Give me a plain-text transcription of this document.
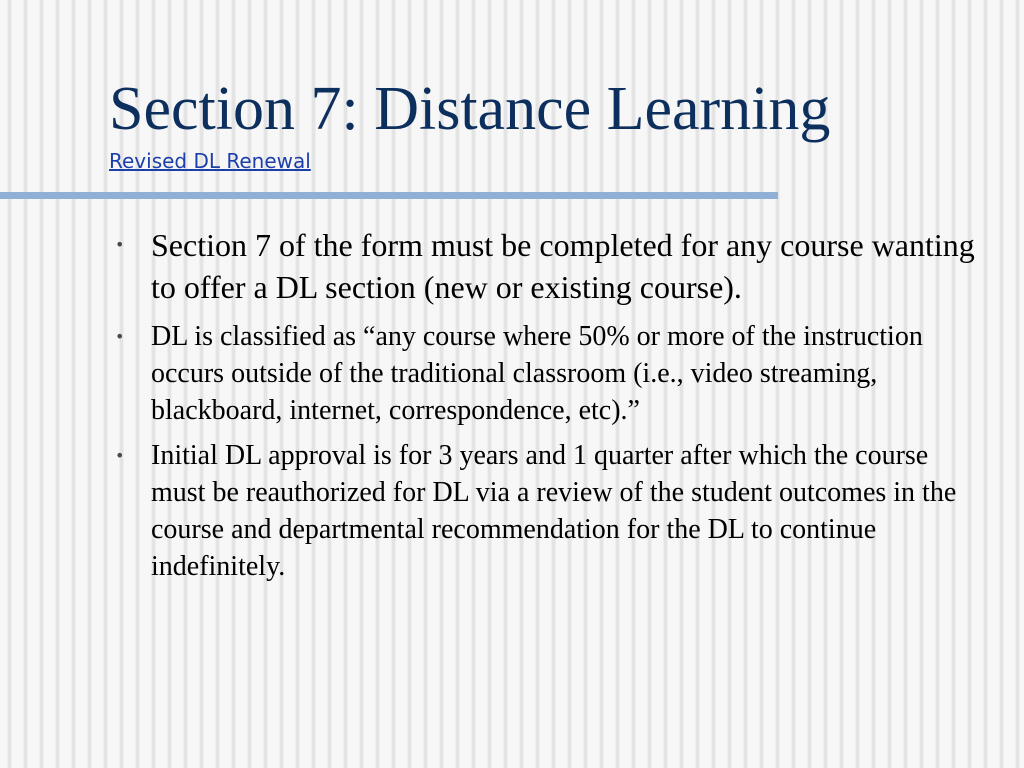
Section 7: Distance Learning
Revised DL Renewal
• Section 7 of the form must be completed for any course wanting to offer a DL section (new or existing course).
• DL is classified as “any course where 50% or more of the instruction occurs outside of the traditional classroom (i.e., video streaming, blackboard, internet, correspondence, etc).”
• Initial DL approval is for 3 years and 1 quarter after which the course must be reauthorized for DL via a review of the student outcomes in the course and departmental recommendation for the DL to continue indefinitely.
